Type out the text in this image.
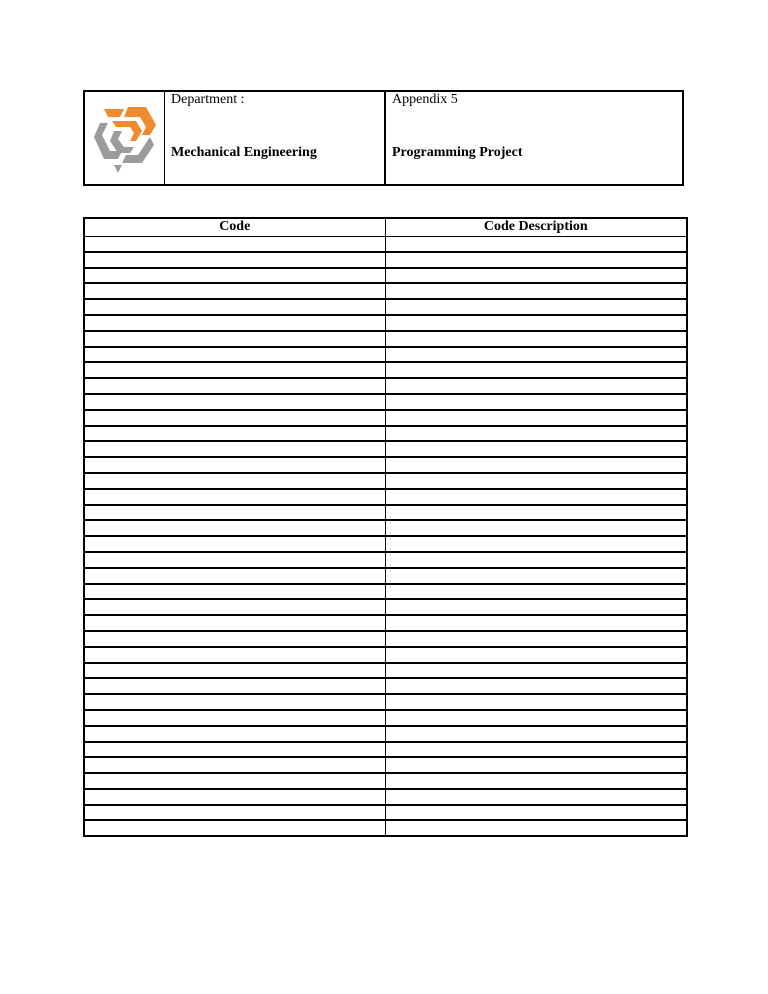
Department :
Mechanical Engineering
Appendix 5
Programming Project
Code	Code Description
